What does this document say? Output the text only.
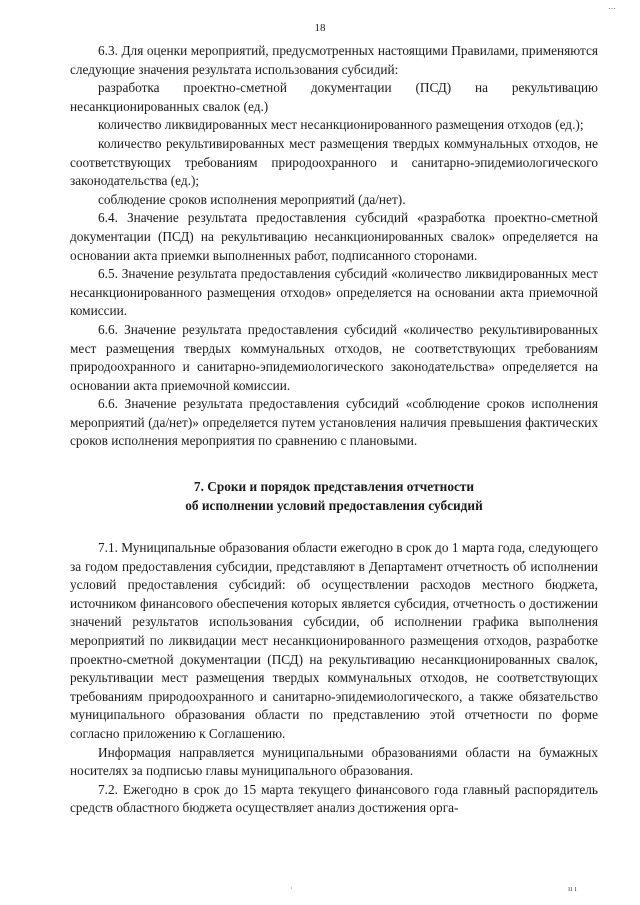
18

6.3. Для оценки мероприятий, предусмотренных настоящими Правилами, применяются следующие значения результата использования субсидий:

разработка проектно-сметной документации (ПСД) на рекультивацию несанкционированных свалок (ед.)

количество ликвидированных мест несанкционированного размещения отходов (ед.);

количество рекультивированных мест размещения твердых коммунальных отходов, не соответствующих требованиям природоохранного и санитарно-эпидемиологического законодательства (ед.);

соблюдение сроков исполнения мероприятий (да/нет).

6.4. Значение результата предоставления субсидий «разработка проектно-сметной документации (ПСД) на рекультивацию несанкционированных свалок» определяется на основании акта приемки выполненных работ, подписанного сторонами.

6.5. Значение результата предоставления субсидий «количество ликвидированных мест несанкционированного размещения отходов» определяется на основании акта приемочной комиссии.

6.6. Значение результата предоставления субсидий «количество рекультивированных мест размещения твердых коммунальных отходов, не соответствующих требованиям природоохранного и санитарно-эпидемиологического законодательства» определяется на основании акта приемочной комиссии.

6.6. Значение результата предоставления субсидий «соблюдение сроков исполнения мероприятий (да/нет)» определяется путем установления наличия превышения фактических сроков исполнения мероприятия по сравнению с плановыми.

7. Сроки и порядок представления отчетности
об исполнении условий предоставления субсидий

7.1. Муниципальные образования области ежегодно в срок до 1 марта года, следующего за годом предоставления субсидии, представляют в Департамент отчетность об исполнении условий предоставления субсидий: об осуществлении расходов местного бюджета, источником финансового обеспечения которых является субсидия, отчетность о достижении значений результатов использования субсидии, об исполнении графика выполнения мероприятий по ликвидации мест несанкционированного размещения отходов, разработке проектно-сметной документации (ПСД) на рекультивацию несанкционированных свалок, рекультивации мест размещения твердых коммунальных отходов, не соответствующих требованиям природоохранного и санитарно-эпидемиологического, а также обязательство муниципального образования области по представлению этой отчетности по форме согласно приложению к Соглашению.

Информация направляется муниципальными образованиями области на бумажных носителях за подписью главы муниципального образования.

7.2. Ежегодно в срок до 15 марта текущего финансового года главный распорядитель средств областного бюджета осуществляет анализ достижения орга-

…
·	ıı ı
